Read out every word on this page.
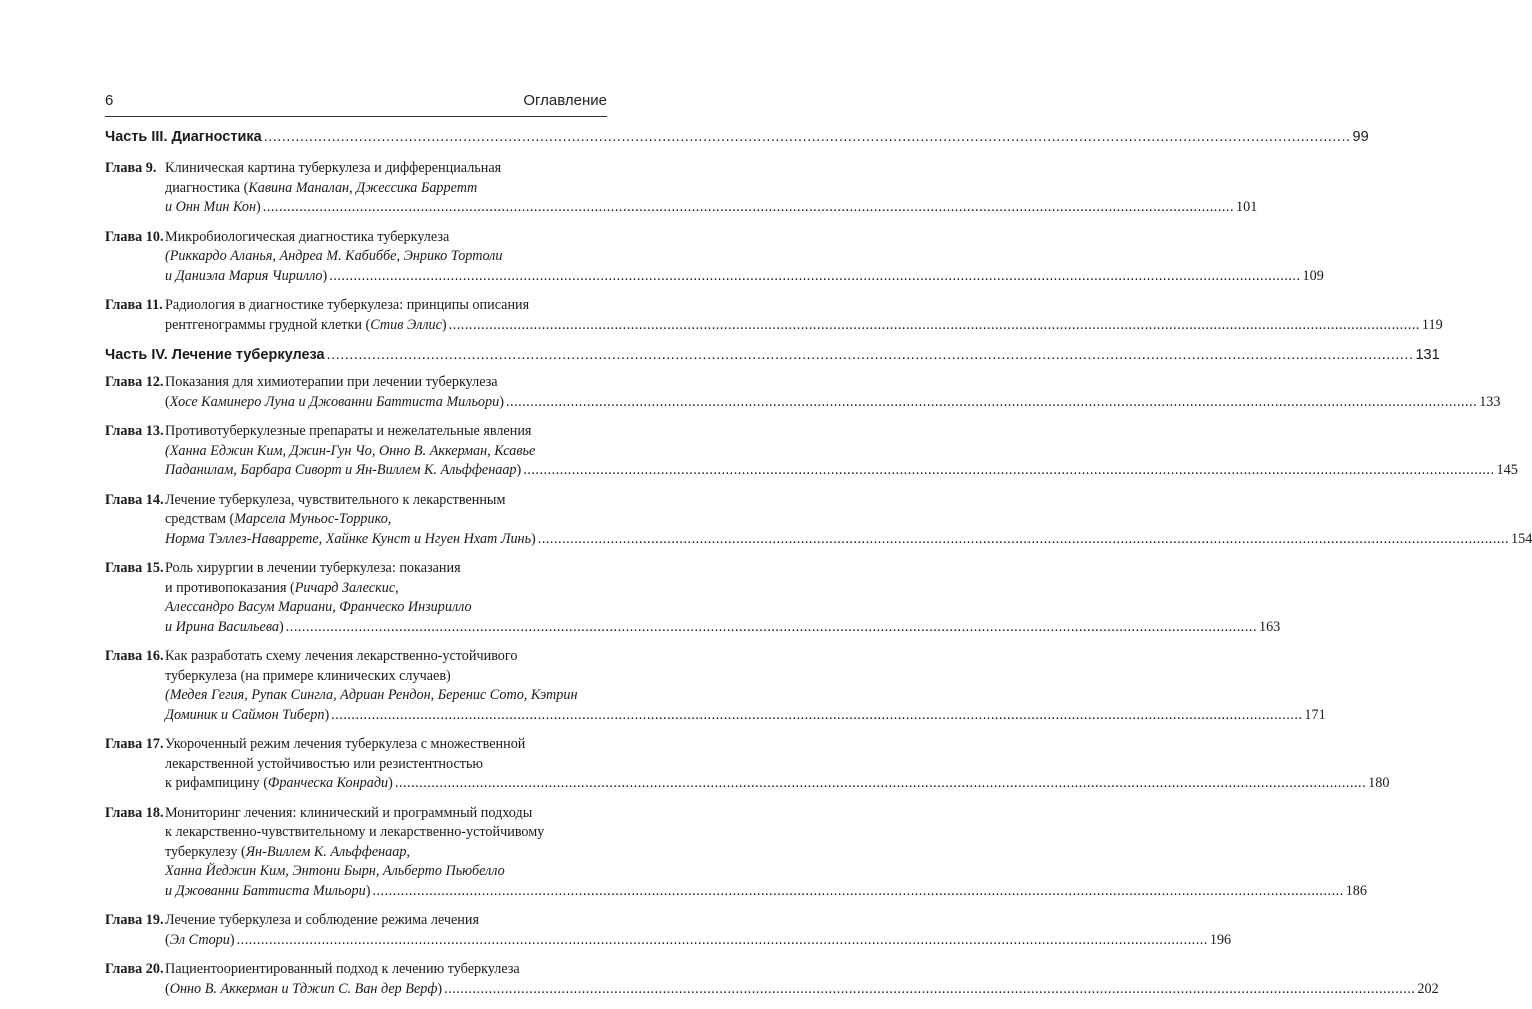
6	Оглавление
Часть III. Диагностика ................................................................................................................................................................................................................................................ 99
Глава 9. Клиническая картина туберкулеза и дифференциальная
диагностика (Кавина Маналан, Джессика Барретт
и Онн Мин Кон) ................................................................................................................................................................................................................................................ 101
Глава 10. Микробиологическая диагностика туберкулеза
(Риккардо Аланья, Андреа М. Кабиббе, Энрико Тортоли
и Даниэла Мария Чирилло) ................................................................................................................................................................................................................................................ 109
Глава 11. Радиология в диагностике туберкулеза: принципы описания
рентгенограммы грудной клетки (Стив Эллис) ................................................................................................................................................................................................................................................ 119
Часть IV. Лечение туберкулеза ................................................................................................................................................................................................................................................ 131
Глава 12. Показания для химиотерапии при лечении туберкулеза
(Хосе Каминеро Луна и Джованни Баттиста Мильори) ................................................................................................................................................................................................................................................ 133
Глава 13. Противотуберкулезные препараты и нежелательные явления
(Ханна Еджин Ким, Джин-Гун Чо, Онно В. Аккерман, Ксавье
Паданилам, Барбара Сиворт и Ян-Виллем К. Альффенаар) ................................................................................................................................................................................................................................................ 145
Глава 14. Лечение туберкулеза, чувствительного к лекарственным
средствам (Марсела Муньос-Торрико,
Норма Тэллез-Наваррете, Хайнке Кунст и Нгуен Нхат Линь) ................................................................................................................................................................................................................................................ 154
Глава 15. Роль хирургии в лечении туберкулеза: показания
и противопоказания (Ричард Залескис,
Алессандро Васум Мариани, Франческо Инзирилло
и Ирина Васильева) ................................................................................................................................................................................................................................................ 163
Глава 16. Как разработать схему лечения лекарственно-устойчивого
туберкулеза (на примере клинических случаев)
(Медея Гегия, Рупак Сингла, Адриан Рендон, Беренис Сото, Кэтрин
Доминик и Саймон Тиберп) ................................................................................................................................................................................................................................................ 171
Глава 17. Укороченный режим лечения туберкулеза с множественной
лекарственной устойчивостью или резистентностью
к рифампицину (Франческа Конради) ................................................................................................................................................................................................................................................ 180
Глава 18. Мониторинг лечения: клинический и программный подходы
к лекарственно-чувствительному и лекарственно-устойчивому
туберкулезу (Ян-Виллем К. Альффенаар,
Ханна Йеджин Ким, Энтони Бырн, Альберто Пьюбелло
и Джованни Баттиста Мильори) ................................................................................................................................................................................................................................................ 186
Глава 19. Лечение туберкулеза и соблюдение режима лечения
(Эл Стори) ................................................................................................................................................................................................................................................ 196
Глава 20. Пациентоориентированный подход к лечению туберкулеза
(Онно В. Аккерман и Тджип С. Ван дер Верф) ................................................................................................................................................................................................................................................ 202
